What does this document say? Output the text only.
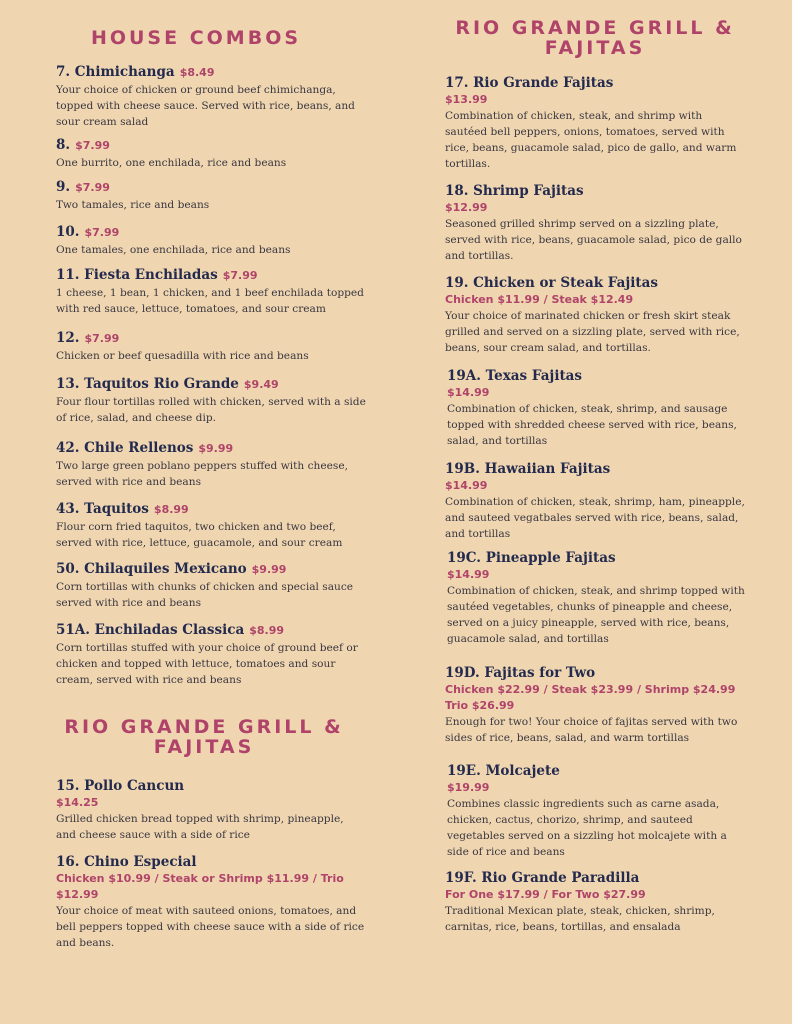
HOUSE COMBOS
7. Chimichanga $8.49

Your choice of chicken or ground beef chimichanga, topped with cheese sauce. Served with rice, beans, and sour cream salad

8. $7.99

One burrito, one enchilada, rice and beans

9. $7.99

Two tamales, rice and beans

10. $7.99

One tamales, one enchilada, rice and beans

11. Fiesta Enchiladas $7.99

1 cheese, 1 bean, 1 chicken, and 1 beef enchilada topped with red sauce, lettuce, tomatoes, and sour cream

12. $7.99

Chicken or beef quesadilla with rice and beans

13. Taquitos Rio Grande $9.49

Four flour tortillas rolled with chicken, served with a side of rice, salad, and cheese dip.

42. Chile Rellenos $9.99

Two large green poblano peppers stuffed with cheese, served with rice and beans

43. Taquitos $8.99

Flour corn fried taquitos, two chicken and two beef, served with rice, lettuce, guacamole, and sour cream

50. Chilaquiles Mexicano $9.99

Corn tortillas with chunks of chicken and special sauce served with rice and beans

51A. Enchiladas Classica $8.99

Corn tortillas stuffed with your choice of ground beef or chicken and topped with lettuce, tomatoes and sour cream, served with rice and beans

RIO GRANDE GRILL &
FAJITAS
15. Pollo Cancun
$14.25

Grilled chicken bread topped with shrimp, pineapple, and cheese sauce with a side of rice

16. Chino Especial
Chicken $10.99 / Steak or Shrimp $11.99 / Trio $12.99

Your choice of meat with sauteed onions, tomatoes, and bell peppers topped with cheese sauce with a side of rice and beans.

RIO GRANDE GRILL &
FAJITAS
17. Rio Grande Fajitas
$13.99

Combination of chicken, steak, and shrimp with sautéed bell peppers, onions, tomatoes, served with rice, beans, guacamole salad, pico de gallo, and warm tortillas.

18. Shrimp Fajitas
$12.99

Seasoned grilled shrimp served on a sizzling plate, served with rice, beans, guacamole salad, pico de gallo and tortillas.

19. Chicken or Steak Fajitas
Chicken $11.99 / Steak $12.49

Your choice of marinated chicken or fresh skirt steak grilled and served on a sizzling plate, served with rice, beans, sour cream salad, and tortillas.

19A. Texas Fajitas
$14.99

Combination of chicken, steak, shrimp, and sausage topped with shredded cheese served with rice, beans, salad, and tortillas

19B. Hawaiian Fajitas
$14.99

Combination of chicken, steak, shrimp, ham, pineapple, and sauteed vegatbales served with rice, beans, salad, and tortillas

19C. Pineapple Fajitas
$14.99

Combination of chicken, steak, and shrimp topped with sautéed vegetables, chunks of pineapple and cheese, served on a juicy pineapple, served with rice, beans, guacamole salad, and tortillas

19D. Fajitas for Two
Chicken $22.99 / Steak $23.99 / Shrimp $24.99
Trio $26.99

Enough for two! Your choice of fajitas served with two sides of rice, beans, salad, and warm tortillas

19E. Molcajete
$19.99

Combines classic ingredients such as carne asada, chicken, cactus, chorizo, shrimp, and sauteed vegetables served on a sizzling hot molcajete with a side of rice and beans

19F. Rio Grande Paradilla
For One $17.99 / For Two $27.99

Traditional Mexican plate, steak, chicken, shrimp, carnitas, rice, beans, tortillas, and ensalada
